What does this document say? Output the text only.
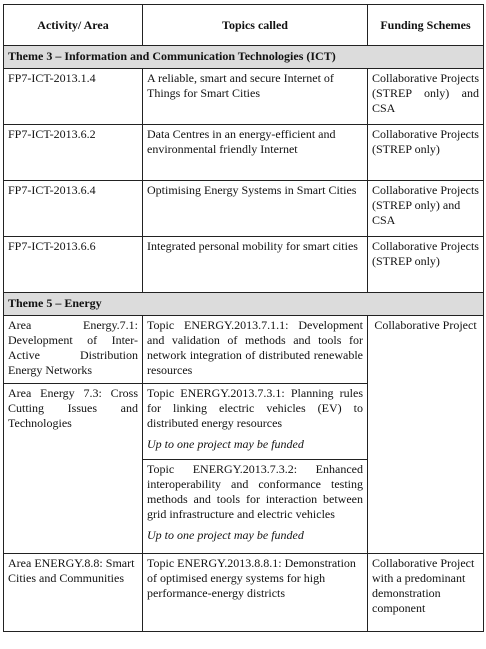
Activity/ Area	Topics called	Funding Schemes
Theme 3 – Information and Communication Technologies (ICT)		
FP7-ICT-2013.1.4	A reliable, smart and secure Internet of Things for Smart Cities	Collaborative Projects (STREP only) and CSA
FP7-ICT-2013.6.2	Data Centres in an energy-efficient and environmental friendly Internet	Collaborative Projects (STREP only)
FP7-ICT-2013.6.4	Optimising Energy Systems in Smart Cities	Collaborative Projects (STREP only) and CSA
FP7-ICT-2013.6.6	Integrated personal mobility for smart cities	Collaborative Projects (STREP only)
Theme 5 – Energy		
Area Energy.7.1: Development of Inter-Active Distribution Energy Networks	Topic ENERGY.2013.7.1.1: Development and validation of methods and tools for network integration of distributed renewable resources	Collaborative Project
Area Energy 7.3: Cross Cutting Issues and Technologies	Topic ENERGY.2013.7.3.1: Planning rules for linking electric vehicles (EV) to distributed energy resources
Up to one project may be funded	

	Topic ENERGY.2013.7.3.2: Enhanced interoperability and conformance testing methods and tools for interaction between grid infrastructure and electric vehicles
Up to one project may be funded	

Area ENERGY.8.8: Smart Cities and Communities	Topic ENERGY.2013.8.8.1: Demonstration of optimised energy systems for high performance-energy districts	Collaborative Project with a predominant demonstration component
